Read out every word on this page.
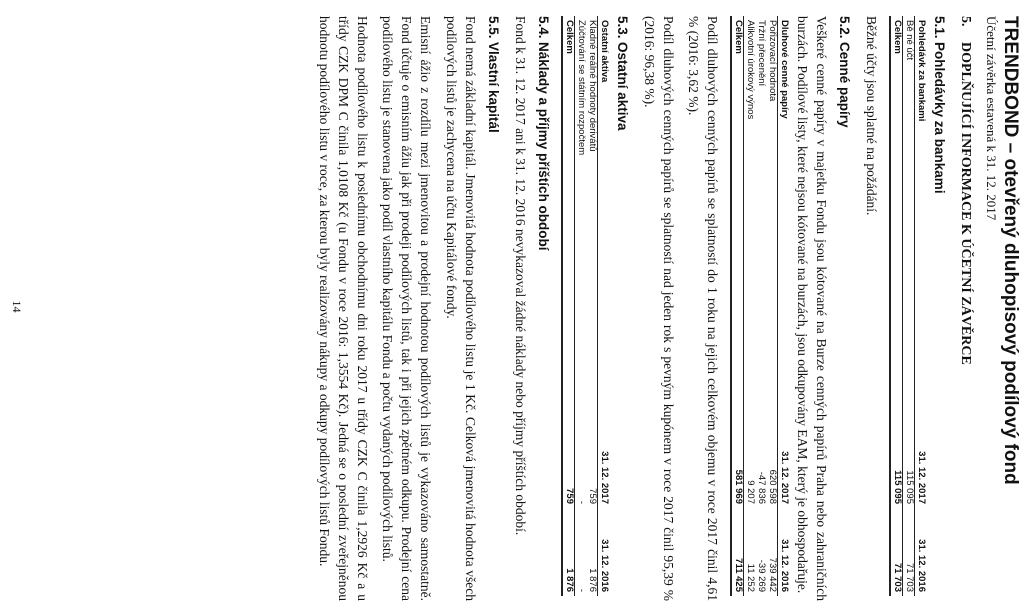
TRENDBOND – otevřený dluhopisový podílový fond

Účetní závěrka estavená k 31. 12. 2017

5.
DOPLŇUJÍCÍ INFORMACE K ÚČETNÍ ZÁVĚRCE
5.1.
Pohledávky za bankami
Pohledávk za bankami	31. 12. 2017	31. 12. 2016
Bě né účt	115 095	71 703
Celkem	115 095	71 703

Běžné účty jsou splatné na požádání.

5.2.
Cenné papíry

Veškeré cenné papíry v majetku Fondu jsou kótované na Burze cenných papírů Praha nebo zahraničních burzách. Podílové listy, které nejsou kótované na burzách, jsou odkupovány EAM, který je obhospodařuje.

Dluhové cenné papíry	31. 12. 2017	31. 12. 2016
Pořizovací hodnota	620 598	739 442
Tržní přecenění	-47 836	-39 269
Alikvotní úrokový výnos	9 207	11 252
Celkem	581 969	711 425

Podíl dluhových cenných papírů se splatností do 1 roku na jejich celkovém objemu v roce 2017 činil 4,61 % (2016: 3,62 %).

Podíl dluhových cenných papírů se splatností nad jeden rok s pevným kupónem v roce 2017 činil 95,39 % (2016: 96,38 %).

5.3.
Ostatní aktiva
Ostatní aktiva	31. 12. 2017	31. 12. 2016
Kladné reálné hodnoty derivátů	759	1 876
Zúčtování se státním rozpočtem	-	-
Celkem	759	1 876
5.4.
Náklady a příjmy příštích období

Fond k 31. 12. 2017 ani k 31. 12. 2016 nevykazoval žádné náklady nebo příjmy příštích období.

5.5.
Vlastní kapitál

Fond nemá základní kapitál. Jmenovitá hodnota podílového listu je 1 Kč. Celková jmenovitá hodnota všech podílových listů je zachycena na účtu Kapitálové fondy.

Emisní ážio z rozdílu mezi jmenovitou a prodejní hodnotou podílových listů je vykazováno samostatně. Fond účtuje o emisním ážiu jak při prodeji podílových listů, tak i při jejich zpětném odkupu. Prodejní cena podílového listu je stanovena jako podíl vlastního kapitálu Fondu a počtu vydaných podílových listů.

Hodnota podílového listu k poslednímu obchodnímu dni roku 2017 u třídy CZK C činila 1,2926 Kč a u třídy CZK DPM C činila 1,0108 Kč (u Fondu v roce 2016: 1,3554 Kč). Jedná se o poslední zveřejněnou hodnotu podílového listu v roce, za kterou byly realizovány nákupy a odkupy podílových listů Fondu.

14
